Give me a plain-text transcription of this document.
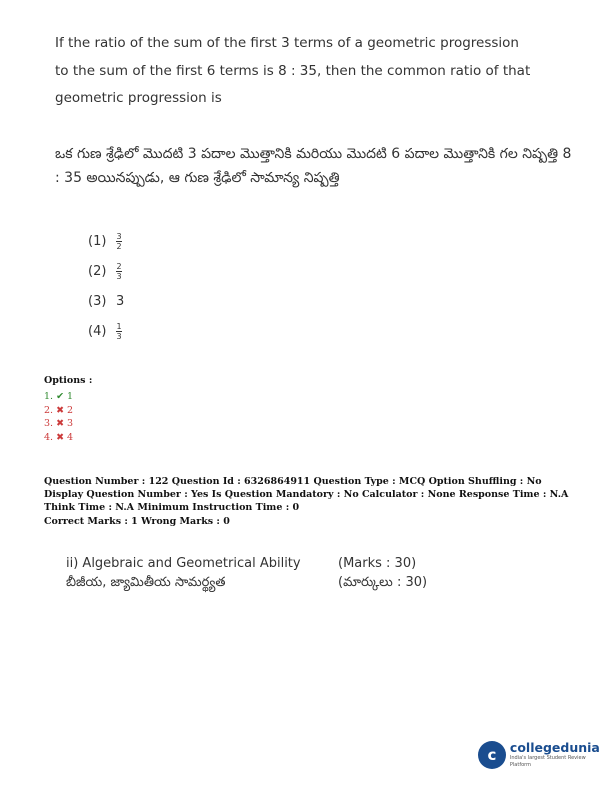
If the ratio of the sum of the first 3 terms of a geometric progression to the sum of the first 6 terms is 8 : 35, then the common ratio of that geometric progression is
ఒక గుణ శ్రేఢిలో మొదటి 3 పదాల మొత్తానికి మరియు మొదటి 6 పదాల మొత్తానికి గల నిష్పత్తి 8 : 35 అయినప్పుడు, ఆ గుణ శ్రేఢిలో సామాన్య నిష్పత్తి
(1)	$\frac{3}{2}$
(2)	$\frac{2}{3}$
(3) 3
(4)	$\frac{1}{3}$
Options :
1. ✔ 1
2. ✖ 2
3. ✖ 3
4. ✖ 4
Question Number : 122 Question Id : 6326864911 Question Type : MCQ Option Shuffling : No Display Question Number : Yes Is Question Mandatory : No Calculator : None Response Time : N.A Think Time : N.A Minimum Instruction Time : 0
Correct Marks : 1 Wrong Marks : 0
ii) Algebraic and Geometrical Ability	(Marks : 30)
బీజీయ, జ్యామితీయ సామర్థ్యత	(మార్కులు : 30)
c	collegedunia
India's largest Student Review Platform
